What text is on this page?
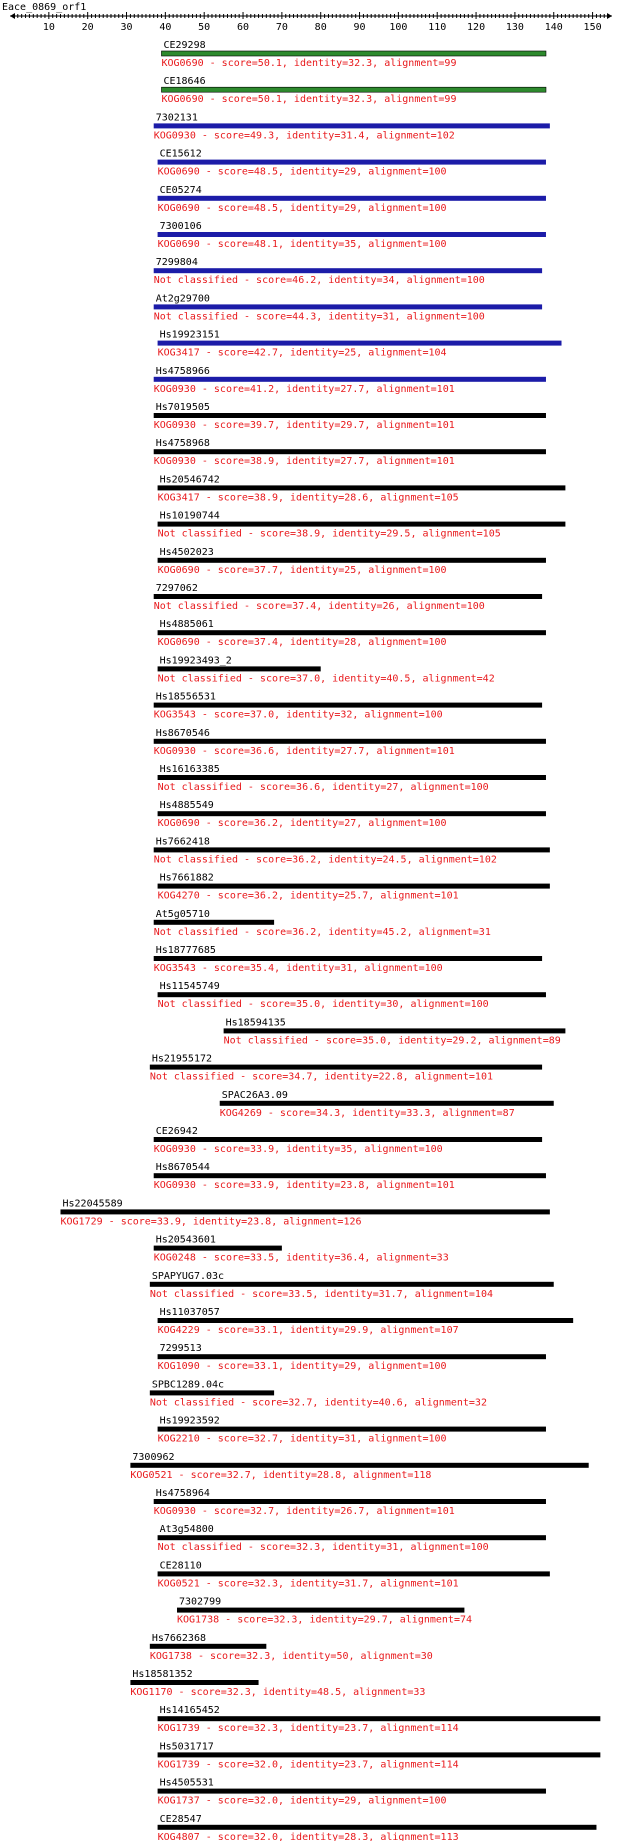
Eace_0869_orf1
10	20	30	40	50	60	70	80	90 100 110 120 130 140 150
CE29298
KOG0690 - score=50.1, identity=32.3, alignment=99
CE18646
KOG0690 - score=50.1, identity=32.3, alignment=99
7302131
KOG0930 - score=49.3, identity=31.4, alignment=102
CE15612
KOG0690 - score=48.5, identity=29, alignment=100
CE05274
KOG0690 - score=48.5, identity=29, alignment=100
7300106
KOG0690 - score=48.1, identity=35, alignment=100
7299804
Not classified - score=46.2, identity=34, alignment=100
At2g29700
Not classified - score=44.3, identity=31, alignment=100
Hs19923151
KOG3417 - score=42.7, identity=25, alignment=104
Hs4758966
KOG0930 - score=41.2, identity=27.7, alignment=101
Hs7019505
KOG0930 - score=39.7, identity=29.7, alignment=101
Hs4758968
KOG0930 - score=38.9, identity=27.7, alignment=101
Hs20546742
KOG3417 - score=38.9, identity=28.6, alignment=105
Hs10190744
Not classified - score=38.9, identity=29.5, alignment=105
Hs4502023
KOG0690 - score=37.7, identity=25, alignment=100
7297062
Not classified - score=37.4, identity=26, alignment=100
Hs4885061
KOG0690 - score=37.4, identity=28, alignment=100
Hs19923493_2
Not classified - score=37.0, identity=40.5, alignment=42
Hs18556531
KOG3543 - score=37.0, identity=32, alignment=100
Hs8670546
KOG0930 - score=36.6, identity=27.7, alignment=101
Hs16163385
Not classified - score=36.6, identity=27, alignment=100
Hs4885549
KOG0690 - score=36.2, identity=27, alignment=100
Hs7662418
Not classified - score=36.2, identity=24.5, alignment=102
Hs7661882
KOG4270 - score=36.2, identity=25.7, alignment=101
At5g05710
Not classified - score=36.2, identity=45.2, alignment=31
Hs18777685
KOG3543 - score=35.4, identity=31, alignment=100
Hs11545749
Not classified - score=35.0, identity=30, alignment=100
Hs18594135
Not classified - score=35.0, identity=29.2, alignment=89
Hs21955172
Not classified - score=34.7, identity=22.8, alignment=101
SPAC26A3.09
KOG4269 - score=34.3, identity=33.3, alignment=87
CE26942
KOG0930 - score=33.9, identity=35, alignment=100
Hs8670544
KOG0930 - score=33.9, identity=23.8, alignment=101
Hs22045589
KOG1729 - score=33.9, identity=23.8, alignment=126
Hs20543601
KOG0248 - score=33.5, identity=36.4, alignment=33
SPAPYUG7.03c
Not classified - score=33.5, identity=31.7, alignment=104
Hs11037057
KOG4229 - score=33.1, identity=29.9, alignment=107
7299513
KOG1090 - score=33.1, identity=29, alignment=100
SPBC1289.04c
Not classified - score=32.7, identity=40.6, alignment=32
Hs19923592
KOG2210 - score=32.7, identity=31, alignment=100
7300962
KOG0521 - score=32.7, identity=28.8, alignment=118
Hs4758964
KOG0930 - score=32.7, identity=26.7, alignment=101
At3g54800
Not classified - score=32.3, identity=31, alignment=100
CE28110
KOG0521 - score=32.3, identity=31.7, alignment=101
7302799
KOG1738 - score=32.3, identity=29.7, alignment=74
Hs7662368
KOG1738 - score=32.3, identity=50, alignment=30
Hs18581352
KOG1170 - score=32.3, identity=48.5, alignment=33
Hs14165452
KOG1739 - score=32.3, identity=23.7, alignment=114
Hs5031717
KOG1739 - score=32.0, identity=23.7, alignment=114
Hs4505531
KOG1737 - score=32.0, identity=29, alignment=100
CE28547
KOG4807 - score=32.0, identity=28.3, alignment=113
